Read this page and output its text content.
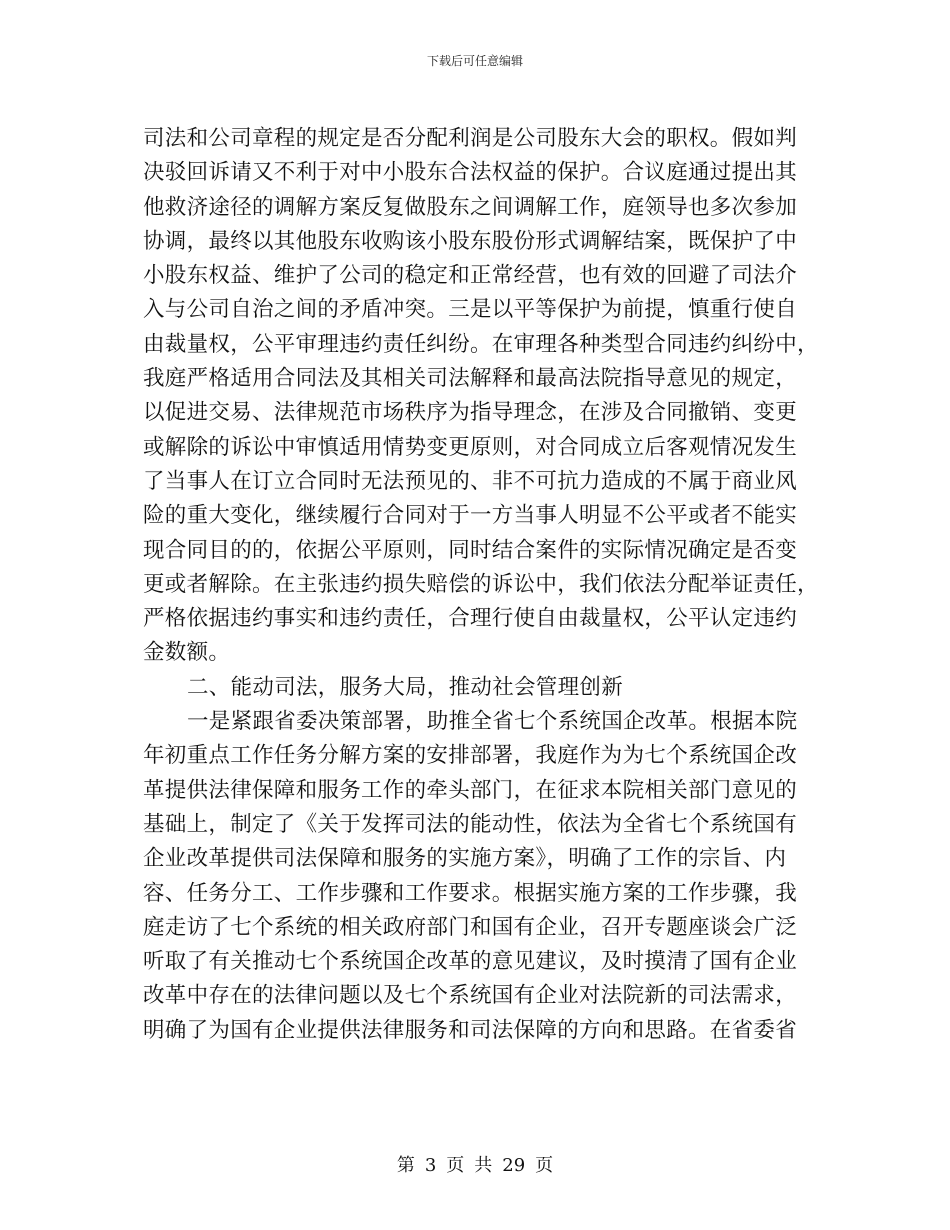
下载后可任意编辑
司法和公司章程的规定是否分配利润是公司股东大会的职权。假如判
决驳回诉请又不利于对中小股东合法权益的保护。合议庭通过提出其
他救济途径的调解方案反复做股东之间调解工作，庭领导也多次参加
协调，最终以其他股东收购该小股东股份形式调解结案，既保护了中
小股东权益、维护了公司的稳定和正常经营，也有效的回避了司法介
入与公司自治之间的矛盾冲突。三是以平等保护为前提，慎重行使自
由裁量权，公平审理违约责任纠纷。在审理各种类型合同违约纠纷中，
我庭严格适用合同法及其相关司法解释和最高法院指导意见的规定，
以促进交易、法律规范市场秩序为指导理念，在涉及合同撤销、变更
或解除的诉讼中审慎适用情势变更原则，对合同成立后客观情况发生
了当事人在订立合同时无法预见的、非不可抗力造成的不属于商业风
险的重大变化，继续履行合同对于一方当事人明显不公平或者不能实
现合同目的的，依据公平原则，同时结合案件的实际情况确定是否变
更或者解除。在主张违约损失赔偿的诉讼中，我们依法分配举证责任，
严格依据违约事实和违约责任，合理行使自由裁量权，公平认定违约
金数额。
二、能动司法，服务大局，推动社会管理创新
一是紧跟省委决策部署，助推全省七个系统国企改革。根据本院
年初重点工作任务分解方案的安排部署，我庭作为为七个系统国企改
革提供法律保障和服务工作的牵头部门，在征求本院相关部门意见的
基础上，制定了《关于发挥司法的能动性，依法为全省七个系统国有
企业改革提供司法保障和服务的实施方案》，明确了工作的宗旨、内
容、任务分工、工作步骤和工作要求。根据实施方案的工作步骤，我
庭走访了七个系统的相关政府部门和国有企业，召开专题座谈会广泛
听取了有关推动七个系统国企改革的意见建议，及时摸清了国有企业
改革中存在的法律问题以及七个系统国有企业对法院新的司法需求，
明确了为国有企业提供法律服务和司法保障的方向和思路。在省委省
第 3 页 共 29 页
